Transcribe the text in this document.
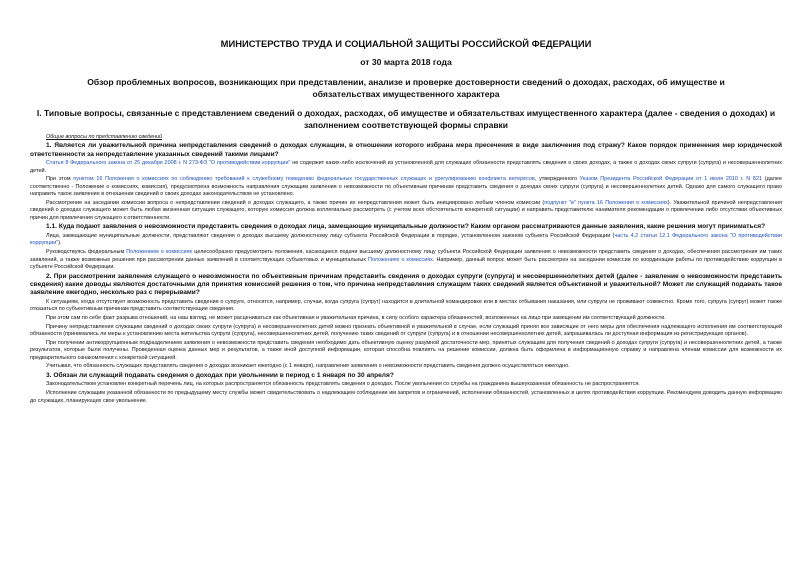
МИНИСТЕРСТВО ТРУДА И СОЦИАЛЬНОЙ ЗАЩИТЫ РОССИЙСКОЙ ФЕДЕРАЦИИ
от 30 марта 2018 года
Обзор проблемных вопросов, возникающих при представлении, анализе и проверке достоверности сведений о доходах, расходах, об имуществе и обязательствах имущественного характера
I. Типовые вопросы, связанные с представлением сведений о доходах, расходах, об имуществе и обязательствах имущественного характера (далее - сведения о доходах) и заполнением соответствующей формы справки

Общие вопросы по представлению сведений

1. Является ли уважительной причина непредставления сведений о доходах служащим, в отношении которого избрана мера пресечения в виде заключения под стражу? Каков порядок применения мер юридической ответственности за непредставление указанных сведений такими лицами?

Статья 8 Федерального закона от 25 декабря 2008 г. N 273-ФЗ "О противодействии коррупции" не содержит каких-либо исключений из установленной для служащих обязанности представлять сведения о своих доходах, а также о доходах своих супруги (супруга) и несовершеннолетних детей.

При этом пунктом 16 Положения о комиссиях по соблюдению требований к служебному поведению федеральных государственных служащих и урегулированию конфликта интересов, утвержденного Указом Президента Российской Федерации от 1 июля 2010 г. N 821 (далее соответственно - Положение о комиссиях, комиссия), предусмотрена возможность направления служащим заявления о невозможности по объективным причинам представить сведения о доходах своих супруги (супруга) и несовершеннолетних детей. Однако для самого служащего право направить такое заявление в отношении сведений о своих доходах законодательством не установлено.

Рассмотрение на заседании комиссии вопроса о непредставлении сведений о доходах служащего, а также причин их непредставления может быть инициировано любым членом комиссии (подпункт "в" пункта 16 Положения о комиссиях). Уважительной причиной непредставления сведений о доходах служащего может быть любая жизненная ситуация служащего, которую комиссия должна коллегиально рассмотреть (с учетом всех обстоятельств конкретной ситуации) и направить представителю нанимателя рекомендации о привлечении либо отсутствии объективных причин для привлечения служащего к ответственности.

1.1. Куда подают заявления о невозможности представить сведения о доходах лица, замещающие муниципальные должности? Каким органом рассматриваются данные заявления, какие решения могут приниматься?

Лица, замещающие муниципальные должности, представляют сведения о доходах высшему должностному лицу субъекта Российской Федерации в порядке, установленном законом субъекта Российской Федерации (часть 4.2 статьи 12.1 Федерального закона "О противодействии коррупции").

Руководствуясь федеральным Положением о комиссиях целесообразно предусмотреть положения, касающиеся подачи высшему должностному лицу субъекта Российской Федерации заявления о невозможности представить сведения о доходах, обеспечения рассмотрения им таких заявлений, а также возможные решения при рассмотрении данных заявлений в соответствующих субъектовых и муниципальных Положениях о комиссиях. Например, данный вопрос может быть рассмотрен на заседании комиссии по координации работы по противодействию коррупции в субъекте Российской Федерации.

2. При рассмотрении заявления служащего о невозможности по объективным причинам представить сведения о доходах супруги (супруга) и несовершеннолетних детей (далее - заявление о невозможности представить сведения) какие доводы являются достаточными для принятия комиссией решения о том, что причина непредставления служащим таких сведений является объективной и уважительной? Может ли служащий подавать такое заявление ежегодно, несколько раз с перерывами?

К ситуациям, когда отсутствует возможность представить сведения о супруге, относятся, например, случаи, когда супруга (супруг) находится в длительной командировке или в местах отбывания наказания, или супруги не проживают совместно. Кроме того, супруга (супруг) может также отказаться по субъективным причинам представить соответствующие сведения.

При этом сам по себе факт разрыва отношений, на наш взгляд, не может расцениваться как объективная и уважительная причина, в силу особого характера обязанностей, возложенных на лицо при замещении им соответствующей должности.

Причину непредставления служащим сведений о доходах своих супруги (супруга) и несовершеннолетних детей можно признать объективной и уважительной в случае, если служащий принял все зависящие от него меры для обеспечения надлежащего исполнения им соответствующей обязанности (принимались ли меры к установлению места жительства супруги (супруга), несовершеннолетних детей, получению таких сведений от супруги (супруга) и в отношении несовершеннолетних детей, запрашивалась ли доступная информация из регистрирующих органов).

При получении антикоррупционным подразделением заявления о невозможности представить сведения необходимо дать объективную оценку разумной достаточности мер, принятых служащим для получения сведений о доходах супруги (супруга) и несовершеннолетних детей, а также результатов, которые были получены. Проведенная оценка данных мер и результатов, а также иной доступной информации, которая способна повлиять на решение комиссии, должна быть оформлена в информационную справку и направлена членам комиссии для возможности их предварительного ознакомления с конкретной ситуацией.

Учитывая, что обязанность служащих представлять сведения о доходах возникает ежегодно (с 1 января), направление заявления о невозможности представить сведения должно осуществляться ежегодно.

3. Обязан ли служащий подавать сведения о доходах при увольнении в период с 1 января по 30 апреля?

Законодательством установлен конкретный перечень лиц, на которых распространяется обязанность представлять сведения о доходах. После увольнения со службы на гражданина вышеуказанная обязанность не распространяется.

Исполнение служащим указанной обязанности по предыдущему месту службы может свидетельствовать о надлежащем соблюдении им запретов и ограничений, исполнении обязанностей, установленных в целях противодействия коррупции. Рекомендуем доводить данную информацию до служащих, планирующих свое увольнение.
